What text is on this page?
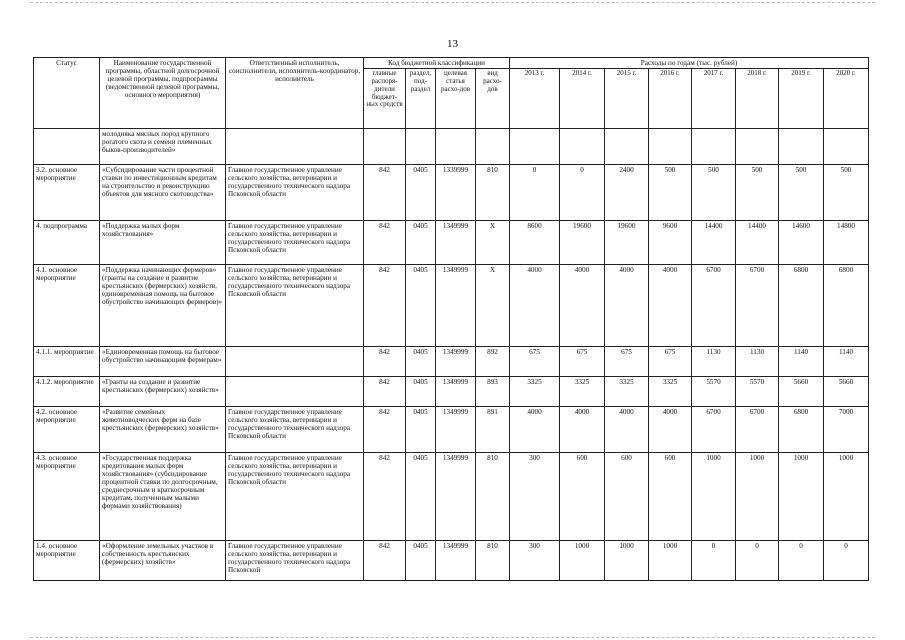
13
Статус	Наименование государственной программы, областной долгосрочной целевой программы, подпрограммы (ведомственной целевой программы, основного мероприятия)	Ответственный исполнитель, соисполнители, исполнитель-координатор, исполнитель	Код бюджетной классификации				Расходы по годам (тыс. рублей)							
			главные распоря-дители бюджет-ных средств	раздел, под-раздел	целевая статья расхо-дов	вид расхо-дов	2013 г.	2014 г.	2015 г.	2016 г.	2017 г.	2018 г.	2019 г.	2020 г.
	молодняка мясных пород крупного рогатого скота и семени племенных быков-производителей»													
3.2. основное мероприятие	«Субсидирование части процентной ставки по инвестиционным кредитам на строительство и реконструкцию объектов для мясного скотоводства»	Главное государственное управление сельского хозяйства, ветеринарии и государственного технического надзора Псковской области	842	0405	1339999	810	0	0	2400	500	500	500	500	500
4. подпрограмма	«Поддержка малых форм хозяйствования»	Главное государственное управление сельского хозяйства, ветеринарии и государственного технического надзора Псковской области	842	0405	1349999	X	8600	19600	19600	9600	14400	14400	14600	14800
4.1. основное мероприятие	«Поддержка начинающих фермеров» (гранты на создание и развитие крестьянских (фермерских) хозяйств, единовременная помощь на бытовое обустройство начинающих фермеров)»	Главное государственное управление сельского хозяйства, ветеринарии и государственного технического надзора Псковской области	842	0405	1349999	X	4000	4000	4000	4000	6700	6700	6800	6800
4.1.1. мероприятие	«Единовременная помощь на бытовое обустройство начинающим фермерам»		842	0405	1349999	892	675	675	675	675	1130	1130	1140	1140
4.1.2. мероприятие	«Гранты на создание и развитие крестьянских (фермерских) хозяйств»		842	0405	1349999	893	3325	3325	3325	3325	5570	5570	5660	5660
4.2. основное мероприятие	«Развитие семейных животноводческих ферм на базе крестьянских (фермерских) хозяйств»	Главное государственное управление сельского хозяйства, ветеринарии и государственного технического надзора Псковской области	842	0405	1349999	891	4000	4000	4000	4000	6700	6700	6800	7000
4.3. основное мероприятие	«Государственная поддержка кредитования малых форм хозяйствования» (субсидирование процентной ставки по долгосрочным, среднесрочным и краткосрочным кредитам, полученным малыми формами хозяйствования)	Главное государственное управление сельского хозяйства, ветеринарии и государственного технического надзора Псковской области	842	0405	1349999	810	300	600	600	600	1000	1000	1000	1000
1.4. основное мероприятие	«Оформление земельных участков в собственность крестьянских (фермерских) хозяйств»	Главное государственное управление сельского хозяйства, ветеринарии и государственного технического надзора Псковской	842	0405	1349999	810	300	1000	1000	1000	0	0	0	0
